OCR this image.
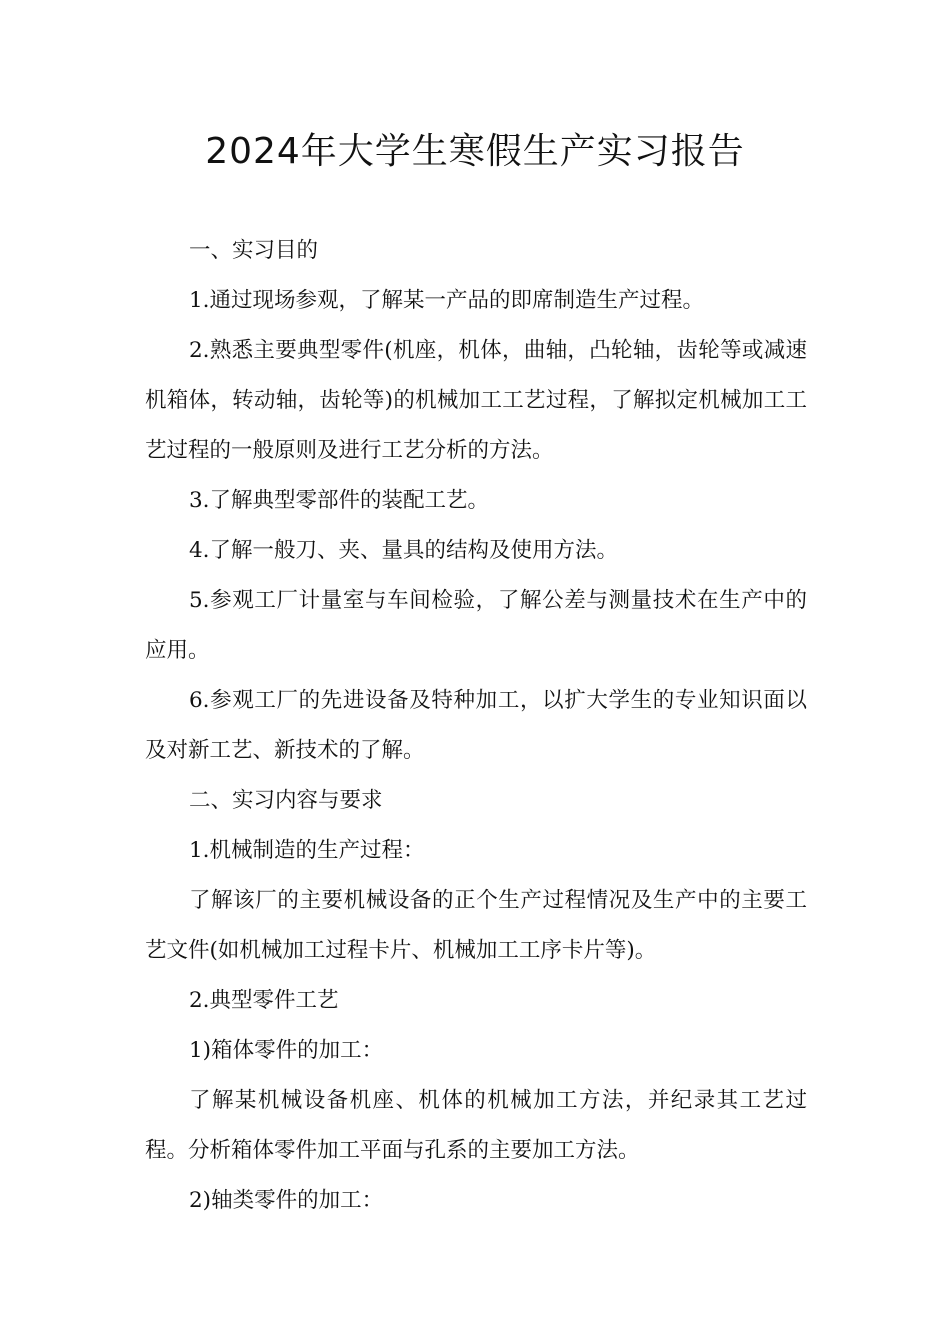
2024年大学生寒假生产实习报告

一、实习目的

1.通过现场参观，了解某一产品的即席制造生产过程。

2.熟悉主要典型零件(机座，机体，曲轴，凸轮轴，齿轮等或减速机箱体，转动轴，齿轮等)的机械加工工艺过程，了解拟定机械加工工艺过程的一般原则及进行工艺分析的方法。

3.了解典型零部件的装配工艺。

4.了解一般刀、夹、量具的结构及使用方法。

5.参观工厂计量室与车间检验，了解公差与测量技术在生产中的应用。

6.参观工厂的先进设备及特种加工，以扩大学生的专业知识面以及对新工艺、新技术的了解。

二、实习内容与要求

1.机械制造的生产过程：

了解该厂的主要机械设备的正个生产过程情况及生产中的主要工艺文件(如机械加工过程卡片、机械加工工序卡片等)。

2.典型零件工艺

1)箱体零件的加工：

了解某机械设备机座、机体的机械加工方法，并纪录其工艺过程。分析箱体零件加工平面与孔系的主要加工方法。

2)轴类零件的加工：
